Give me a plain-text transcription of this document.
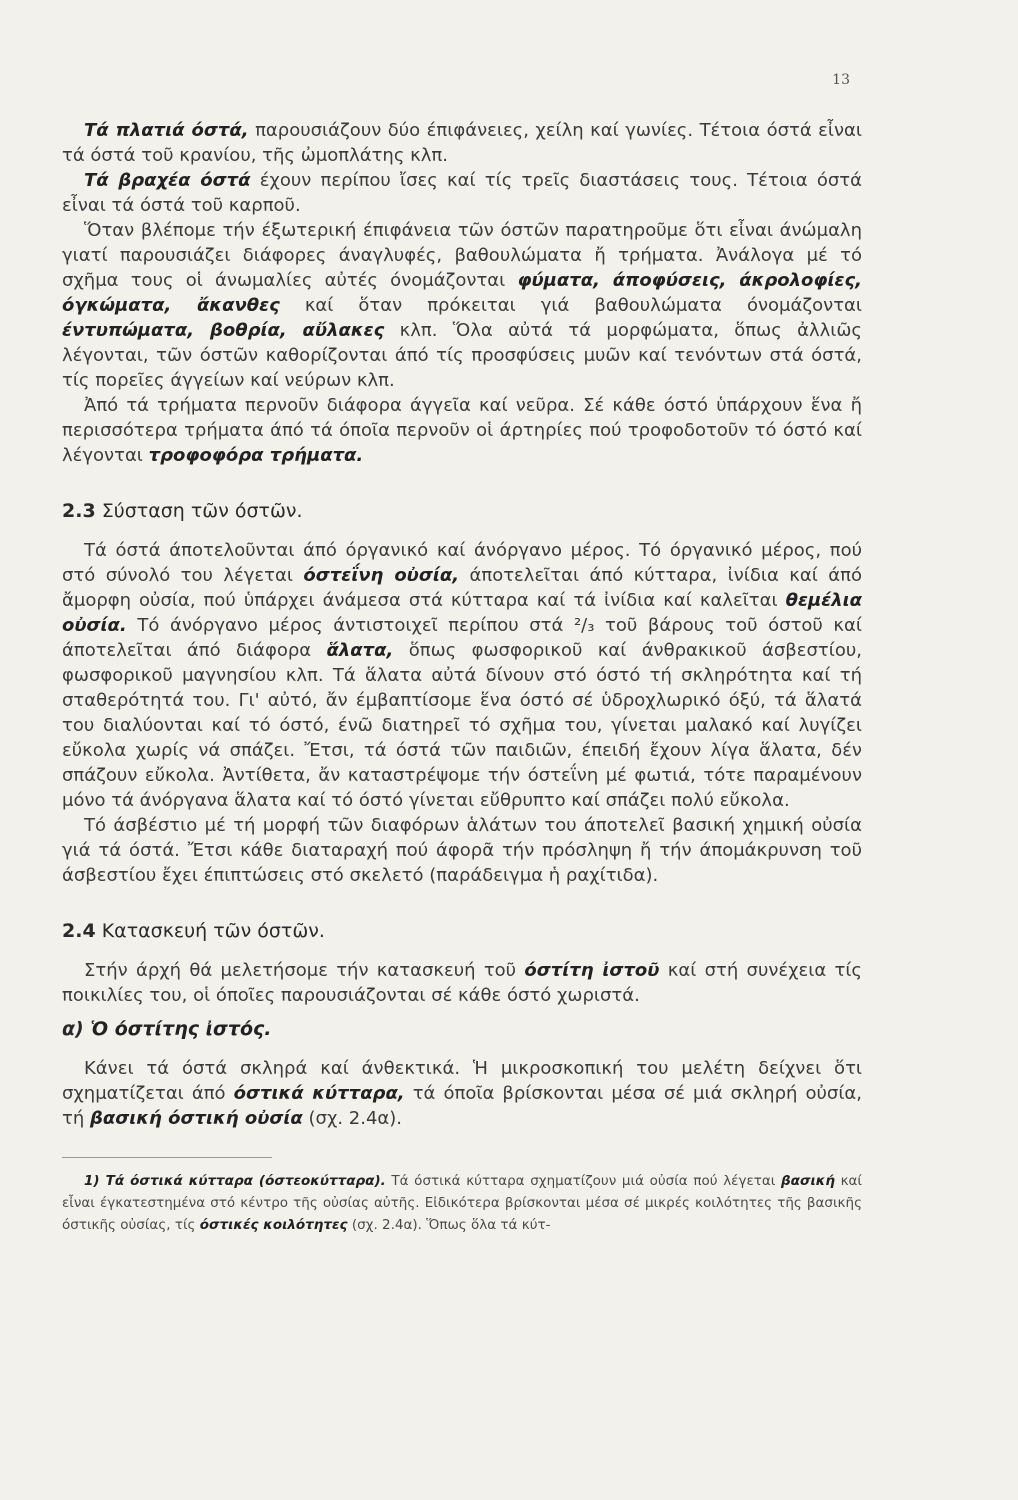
13

Τά πλατιά όστά, παρουσιάζουν δύο έπιφάνειες, χείλη καί γωνίες. Τέτοια όστά εἶναι τά όστά τοῦ κρανίου, τῆς ὠμοπλάτης κλπ.

Τά βραχέα όστά έχουν περίπου ἴσες καί τίς τρεῖς διαστάσεις τους. Τέτοια όστά εἶναι τά όστά τοῦ καρποῦ.

Ὅταν βλέπομε τήν έξωτερική έπιφάνεια τῶν όστῶν παρατηροῦμε ὅτι εἶναι άνώμαλη γιατί παρουσιάζει διάφορες άναγλυφές, βαθουλώματα ἤ τρήματα. Ἀνάλογα μέ τό σχῆμα τους οἱ άνωμαλίες αὐτές όνομάζονται φύματα, άποφύσεις, άκρολοφίες, όγκώματα, ἄκανθες καί ὅταν πρόκειται γιά βαθουλώματα όνομάζονται έντυπώματα, βοθρία, αὔλακες κλπ. Ὅλα αὐτά τά μορφώματα, ὅπως ἀλλιῶς λέγονται, τῶν όστῶν καθορίζονται άπό τίς προσφύσεις μυῶν καί τενόντων στά όστά, τίς πορεῖες άγγείων καί νεύρων κλπ.

Ἀπό τά τρήματα περνοῦν διάφορα άγγεῖα καί νεῦρα. Σέ κάθε όστό ὑπάρχουν ἕνα ἤ περισσότερα τρήματα άπό τά όποῖα περνοῦν οἱ άρτηρίες πού τροφοδοτοῦν τό όστό καί λέγονται τροφοφόρα τρήματα.

2.3 Σύσταση τῶν όστῶν.

Τά όστά άποτελοῦνται άπό όργανικό καί άνόργανο μέρος. Τό όργανικό μέρος, πού στό σύνολό του λέγεται όστεΐνη οὐσία, άποτελεῖται άπό κύτταρα, ἰνίδια καί άπό ἄμορφη οὐσία, πού ὑπάρχει άνάμεσα στά κύτταρα καί τά ἰνίδια καί καλεῖται θεμέλια οὐσία. Τό άνόργανο μέρος άντιστοιχεῖ περίπου στά ²/₃ τοῦ βάρους τοῦ όστοῦ καί άποτελεῖται άπό διάφορα ἅλατα, ὅπως φωσφορικοῦ καί άνθρακικοῦ άσβεστίου, φωσφορικοῦ μαγνησίου κλπ. Τά ἅλατα αὐτά δίνουν στό όστό τή σκληρότητα καί τή σταθερότητά του. Γι' αὐτό, ἄν έμβαπτίσομε ἕνα όστό σέ ὑδροχλωρικό όξύ, τά ἅλατά του διαλύονται καί τό όστό, ένῶ διατηρεῖ τό σχῆμα του, γίνεται μαλακό καί λυγίζει εὔκολα χωρίς νά σπάζει. Ἔτσι, τά όστά τῶν παιδιῶν, έπειδή ἔχουν λίγα ἅλατα, δέν σπάζουν εὔκολα. Ἀντίθετα, ἄν καταστρέψομε τήν όστεΐνη μέ φωτιά, τότε παραμένουν μόνο τά άνόργανα ἅλατα καί τό όστό γίνεται εὔθρυπτο καί σπάζει πολύ εὔκολα.

Τό άσβέστιο μέ τή μορφή τῶν διαφόρων ἁλάτων του άποτελεῖ βασική χημική οὐσία γιά τά όστά. Ἔτσι κάθε διαταραχή πού άφορᾶ τήν πρόσληψη ἤ τήν άπομάκρυνση τοῦ άσβεστίου ἔχει έπιπτώσεις στό σκελετό (παράδειγμα ἡ ραχίτιδα).

2.4 Κατασκευή τῶν όστῶν.

Στήν άρχή θά μελετήσομε τήν κατασκευή τοῦ όστίτη ἰστοῦ καί στή συνέχεια τίς ποικιλίες του, οἱ όποῖες παρουσιάζονται σέ κάθε όστό χωριστά.

α) Ὁ όστίτης ἰστός.

Κάνει τά όστά σκληρά καί άνθεκτικά. Ἡ μικροσκοπική του μελέτη δείχνει ὅτι σχηματίζεται άπό όστικά κύτταρα, τά όποῖα βρίσκονται μέσα σέ μιά σκληρή οὐσία, τή βασική όστική οὐσία (σχ. 2.4α).

1) Τά όστικά κύτταρα (όστεοκύτταρα). Τά όστικά κύτταρα σχηματίζουν μιά οὐσία πού λέγεται βασική καί εἶναι έγκατεστημένα στό κέντρο τῆς οὐσίας αὐτῆς. Εἰδικότερα βρίσκονται μέσα σέ μικρές κοιλότητες τῆς βασικῆς όστικῆς οὐσίας, τίς όστικές κοιλότητες (σχ. 2.4α). Ὅπως ὅλα τά κύτ-
